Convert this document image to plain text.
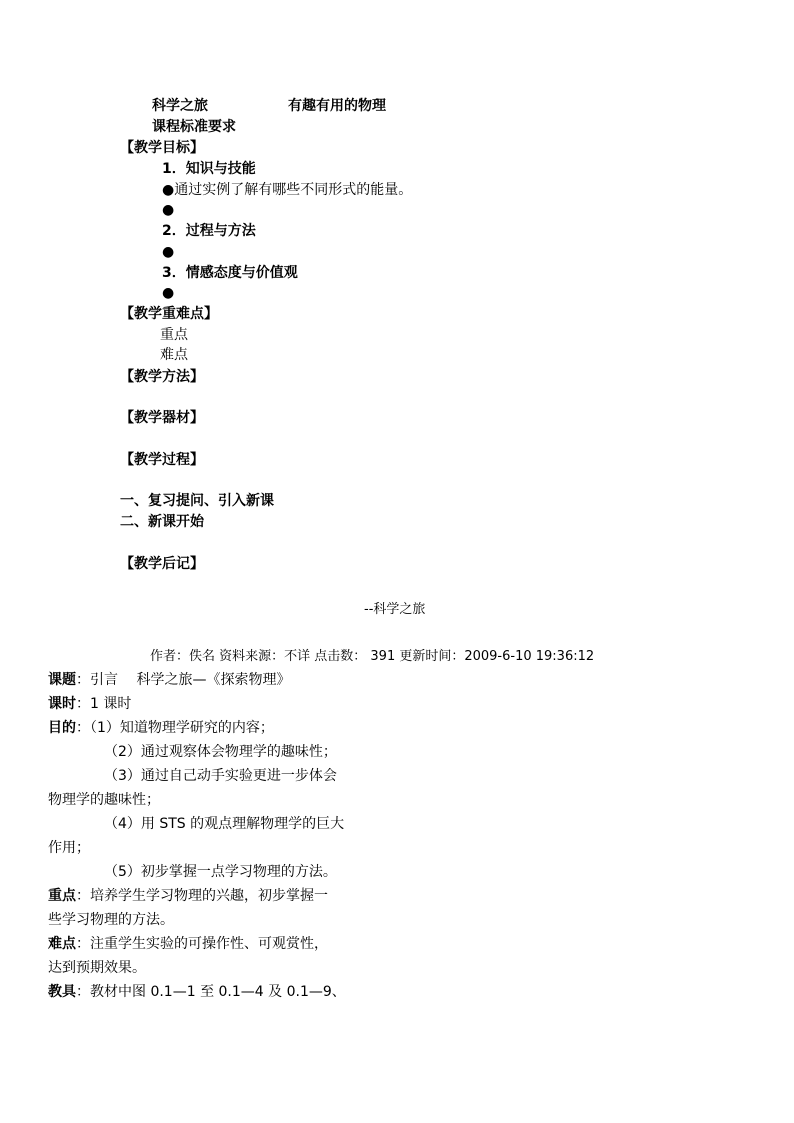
科学之旅	有趣有用的物理
课程标准要求
【教学目标】
1．知识与技能
●通过实例了解有哪些不同形式的能量。
●
2．过程与方法
●
3．情感态度与价值观
●
【教学重难点】
重点
难点
【教学方法】
【教学器材】
【教学过程】
一、复习提问、引入新课
二、新课开始
【教学后记】
--科学之旅
作者：佚名 资料来源：不详 点击数： 391 更新时间：2009-6-10 19:36:12
课题：引言　 科学之旅—《探索物理》
课时：1 课时
目的：（1）知道物理学研究的内容；
（2）通过观察体会物理学的趣味性；
（3）通过自己动手实验更进一步体会
物理学的趣味性；
（4）用 STS 的观点理解物理学的巨大
作用；
（5）初步掌握一点学习物理的方法。
重点：培养学生学习物理的兴趣，初步掌握一
些学习物理的方法。
难点：注重学生实验的可操作性、可观赏性，
达到预期效果。
教具：教材中图 0.1—1 至 0.1—4 及 0.1—9、
